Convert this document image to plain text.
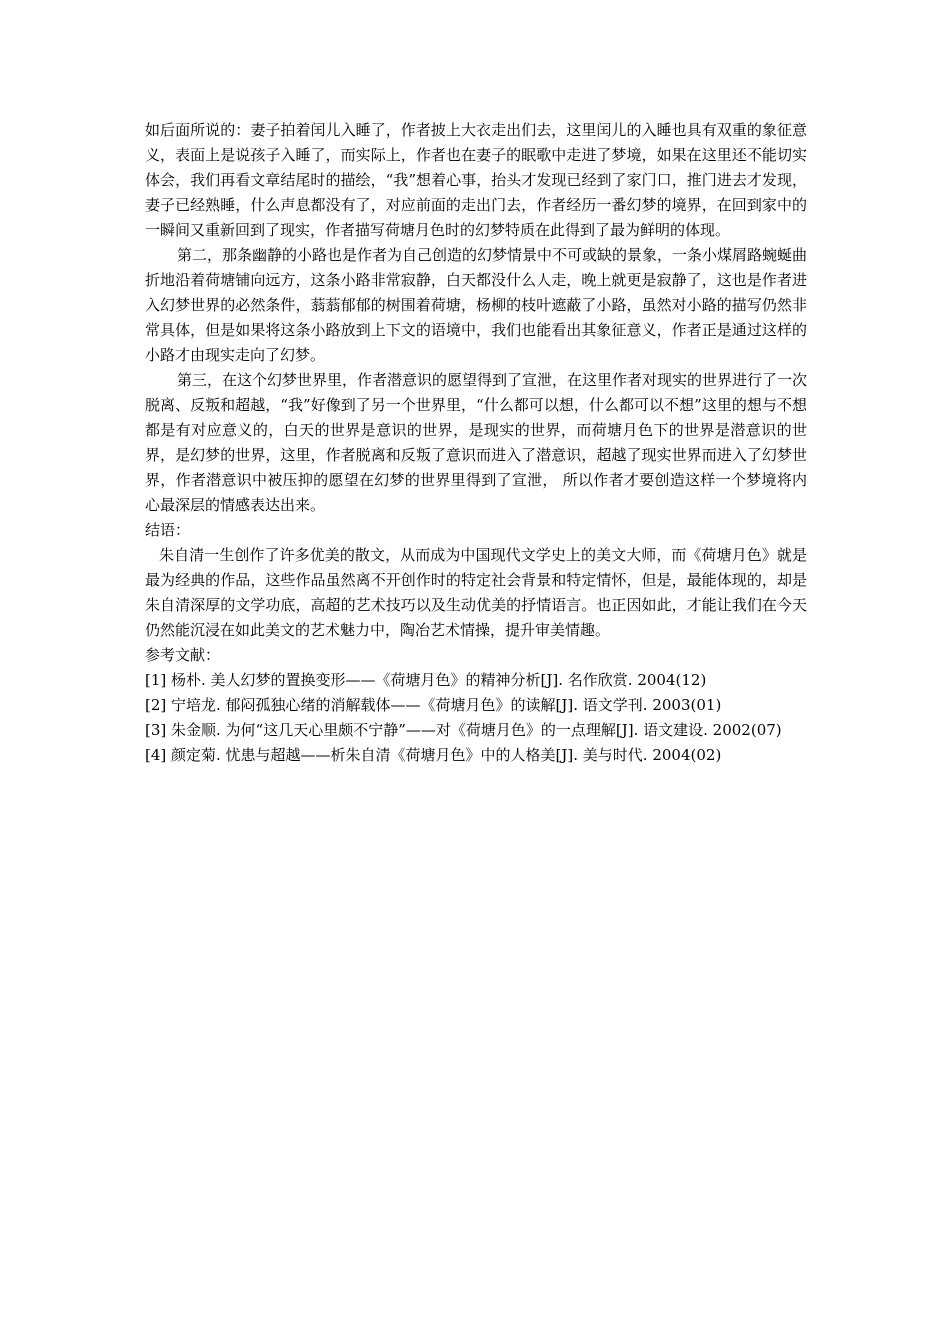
如后面所说的：妻子拍着闰儿入睡了，作者披上大衣走出们去，这里闰儿的入睡也具有双重的象征意义，表面上是说孩子入睡了，而实际上，作者也在妻子的眠歌中走进了梦境，如果在这里还不能切实体会，我们再看文章结尾时的描绘，“我”想着心事，抬头才发现已经到了家门口，推门进去才发现，妻子已经熟睡，什么声息都没有了，对应前面的走出门去，作者经历一番幻梦的境界，在回到家中的一瞬间又重新回到了现实，作者描写荷塘月色时的幻梦特质在此得到了最为鲜明的体现。

第二，那条幽静的小路也是作者为自己创造的幻梦情景中不可或缺的景象，一条小煤屑路蜿蜒曲折地沿着荷塘铺向远方，这条小路非常寂静，白天都没什么人走，晚上就更是寂静了，这也是作者进入幻梦世界的必然条件，蓊蓊郁郁的树围着荷塘，杨柳的枝叶遮蔽了小路，虽然对小路的描写仍然非常具体，但是如果将这条小路放到上下文的语境中，我们也能看出其象征意义，作者正是通过这样的小路才由现实走向了幻梦。

第三，在这个幻梦世界里，作者潜意识的愿望得到了宣泄，在这里作者对现实的世界进行了一次脱离、反叛和超越，“我”好像到了另一个世界里，“什么都可以想，什么都可以不想”这里的想与不想都是有对应意义的，白天的世界是意识的世界，是现实的世界，而荷塘月色下的世界是潜意识的世界，是幻梦的世界，这里，作者脱离和反叛了意识而进入了潜意识，超越了现实世界而进入了幻梦世界，作者潜意识中被压抑的愿望在幻梦的世界里得到了宣泄， 所以作者才要创造这样一个梦境将内心最深层的情感表达出来。

结语：

朱自清一生创作了许多优美的散文，从而成为中国现代文学史上的美文大师，而《荷塘月色》就是最为经典的作品，这些作品虽然离不开创作时的特定社会背景和特定情怀，但是，最能体现的，却是朱自清深厚的文学功底，高超的艺术技巧以及生动优美的抒情语言。也正因如此，才能让我们在今天仍然能沉浸在如此美文的艺术魅力中，陶冶艺术情操，提升审美情趣。

参考文献：

[1] 杨朴. 美人幻梦的置换变形——《荷塘月色》的精神分析[J]. 名作欣赏. 2004(12)
[2] 宁培龙. 郁闷孤独心绪的消解载体——《荷塘月色》的读解[J]. 语文学刊. 2003(01)
[3] 朱金顺. 为何“这几天心里颇不宁静”——对《荷塘月色》的一点理解[J]. 语文建设. 2002(07)
[4] 颜定菊. 忧患与超越——析朱自清《荷塘月色》中的人格美[J]. 美与时代. 2004(02)
